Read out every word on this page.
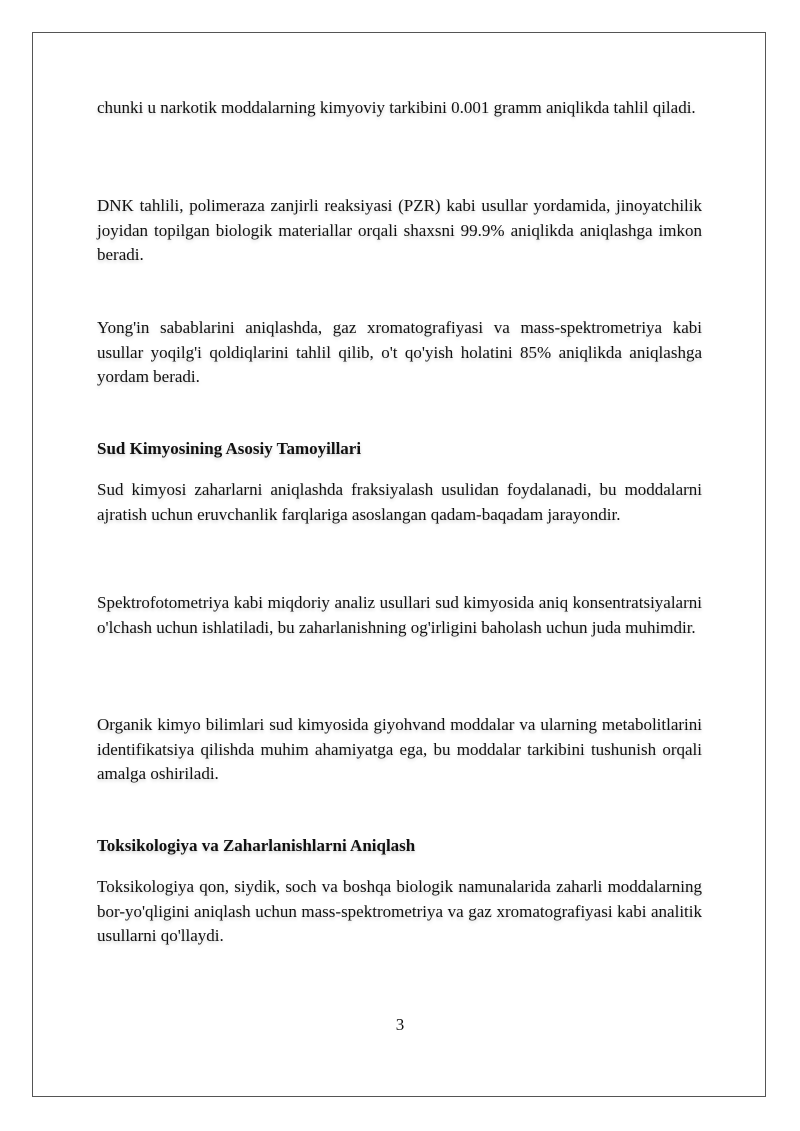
chunki u narkotik moddalarning kimyoviy tarkibini 0.001 gramm aniqlikda tahlil qiladi.

DNK tahlili, polimeraza zanjirli reaksiyasi (PZR) kabi usullar yordamida, jinoyatchilik joyidan topilgan biologik materiallar orqali shaxsni 99.9% aniqlikda aniqlashga imkon beradi.

Yong'in sabablarini aniqlashda, gaz xromatografiyasi va mass-spektrometriya kabi usullar yoqilg'i qoldiqlarini tahlil qilib, o't qo'yish holatini 85% aniqlikda aniqlashga yordam beradi.

Sud Kimyosining Asosiy Tamoyillari

Sud kimyosi zaharlarni aniqlashda fraksiyalash usulidan foydalanadi, bu moddalarni ajratish uchun eruvchanlik farqlariga asoslangan qadam-baqadam jarayondir.

Spektrofotometriya kabi miqdoriy analiz usullari sud kimyosida aniq konsentratsiyalarni o'lchash uchun ishlatiladi, bu zaharlanishning og'irligini baholash uchun juda muhimdir.

Organik kimyo bilimlari sud kimyosida giyohvand moddalar va ularning metabolitlarini identifikatsiya qilishda muhim ahamiyatga ega, bu moddalar tarkibini tushunish orqali amalga oshiriladi.

Toksikologiya va Zaharlanishlarni Aniqlash

Toksikologiya qon, siydik, soch va boshqa biologik namunalarida zaharli moddalarning bor-yo'qligini aniqlash uchun mass-spektrometriya va gaz xromatografiyasi kabi analitik usullarni qo'llaydi.

3
